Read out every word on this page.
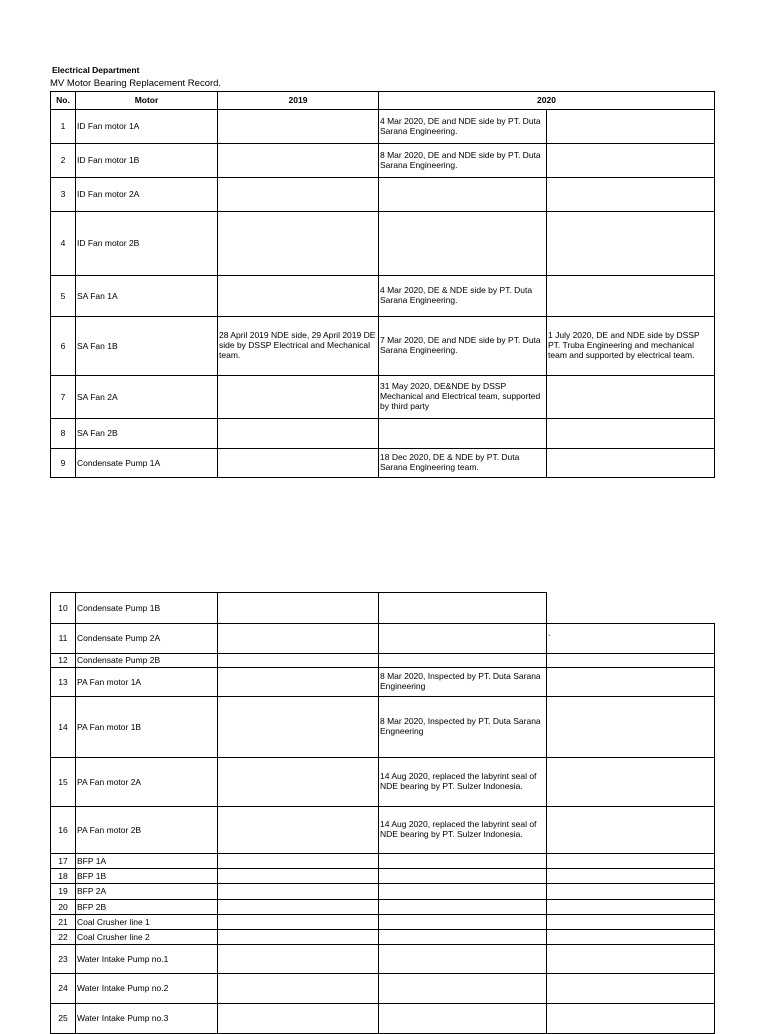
Electrical Department
MV Motor Bearing Replacement Record.
No.	Motor	2019	2020	
1	ID Fan motor 1A		4 Mar 2020, DE and NDE side by PT. Duta Sarana Engineering.	
2	ID Fan motor 1B		8 Mar 2020, DE and NDE side by PT. Duta Sarana Engineering.	
3	ID Fan motor 2A			
4	ID Fan motor 2B			
5	SA Fan 1A		4 Mar 2020, DE & NDE side by PT. Duta Sarana Engineering.	
6	SA Fan 1B	28 April 2019 NDE side, 29 April 2019 DE side by DSSP Electrical and Mechanical team.	7 Mar 2020, DE and NDE side by PT. Duta Sarana Engineering.	1 July 2020, DE and NDE side by DSSP PT. Truba Engineering and mechanical team and supported by electrical team.
7	SA Fan 2A		31 May 2020, DE&NDE by DSSP Mechanical and Electrical team, supported by third party	
8	SA Fan 2B			
9	Condensate Pump 1A		18 Dec 2020, DE & NDE by PT. Duta Sarana Engineering team.	
10	Condensate Pump 1B			
11	Condensate Pump 2A			`
12	Condensate Pump 2B			
13	PA Fan motor 1A		8 Mar 2020, Inspected by PT. Duta Sarana Engineering	
14	PA Fan motor 1B		8 Mar 2020, Inspected by PT. Duta Sarana Engneering	
15	PA Fan motor 2A		14 Aug 2020, replaced the labyrint seal of NDE bearing by PT. Sulzer Indonesia.	
16	PA Fan motor 2B		14 Aug 2020, replaced the labyrint seal of NDE bearing by PT. Sulzer Indonesia.	
17	BFP 1A			
18	BFP 1B			
19	BFP 2A			
20	BFP 2B			
21	Coal Crusher line 1			
22	Coal Crusher line 2			
23	Water Intake Pump no.1			
24	Water Intake Pump no.2			
25	Water Intake Pump no.3			
